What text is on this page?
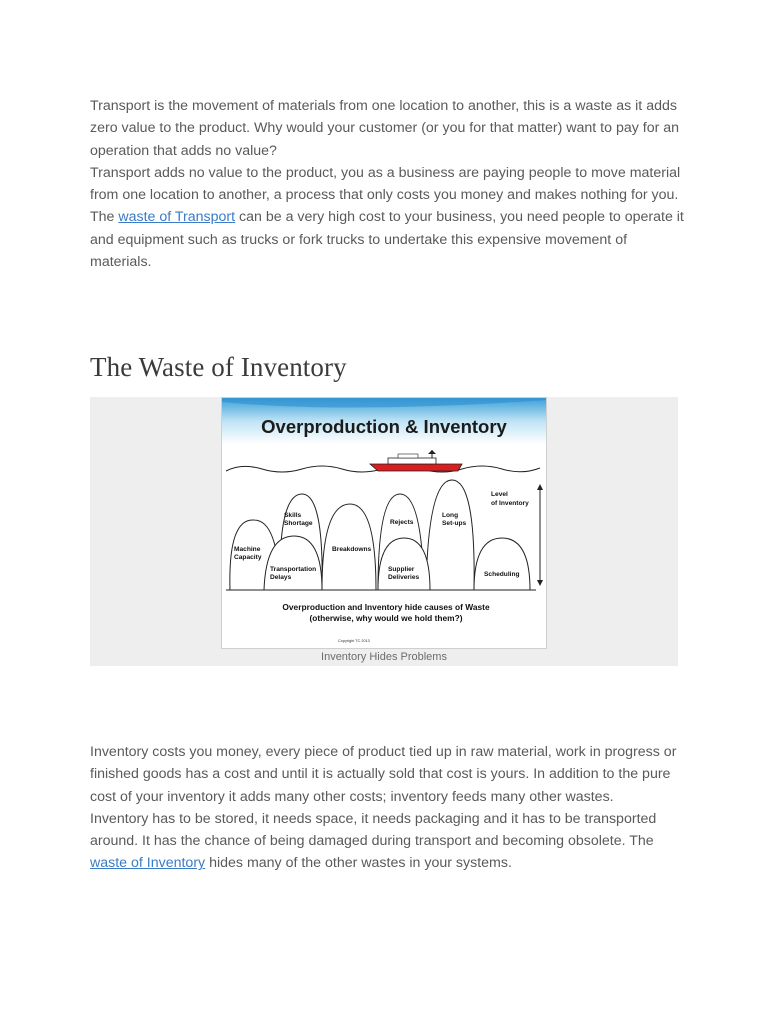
Transport is the movement of materials from one location to another, this is a waste as it adds zero value to the product. Why would your customer (or you for that matter) want to pay for an operation that adds no value?

Transport adds no value to the product, you as a business are paying people to move material from one location to another, a process that only costs you money and makes nothing for you. The waste of Transport can be a very high cost to your business, you need people to operate it and equipment such as trucks or fork trucks to undertake this expensive movement of materials.

The Waste of Inventory
Overproduction & Inventory
Level
of Inventory
Skills
Shortage	Rejects
Long
Set-ups
Machine
Capacity
Breakdowns
Transportation
Delays
Supplier
Deliveries	Scheduling
Overproduction and Inventory hide causes of Waste
(otherwise, why would we hold them?)
Copyright TC 2013
Inventory Hides Problems

Inventory costs you money, every piece of product tied up in raw material, work in progress or finished goods has a cost and until it is actually sold that cost is yours. In addition to the pure cost of your inventory it adds many other costs; inventory feeds many other wastes.

Inventory has to be stored, it needs space, it needs packaging and it has to be transported around. It has the chance of being damaged during transport and becoming obsolete. The waste of Inventory hides many of the other wastes in your systems.
